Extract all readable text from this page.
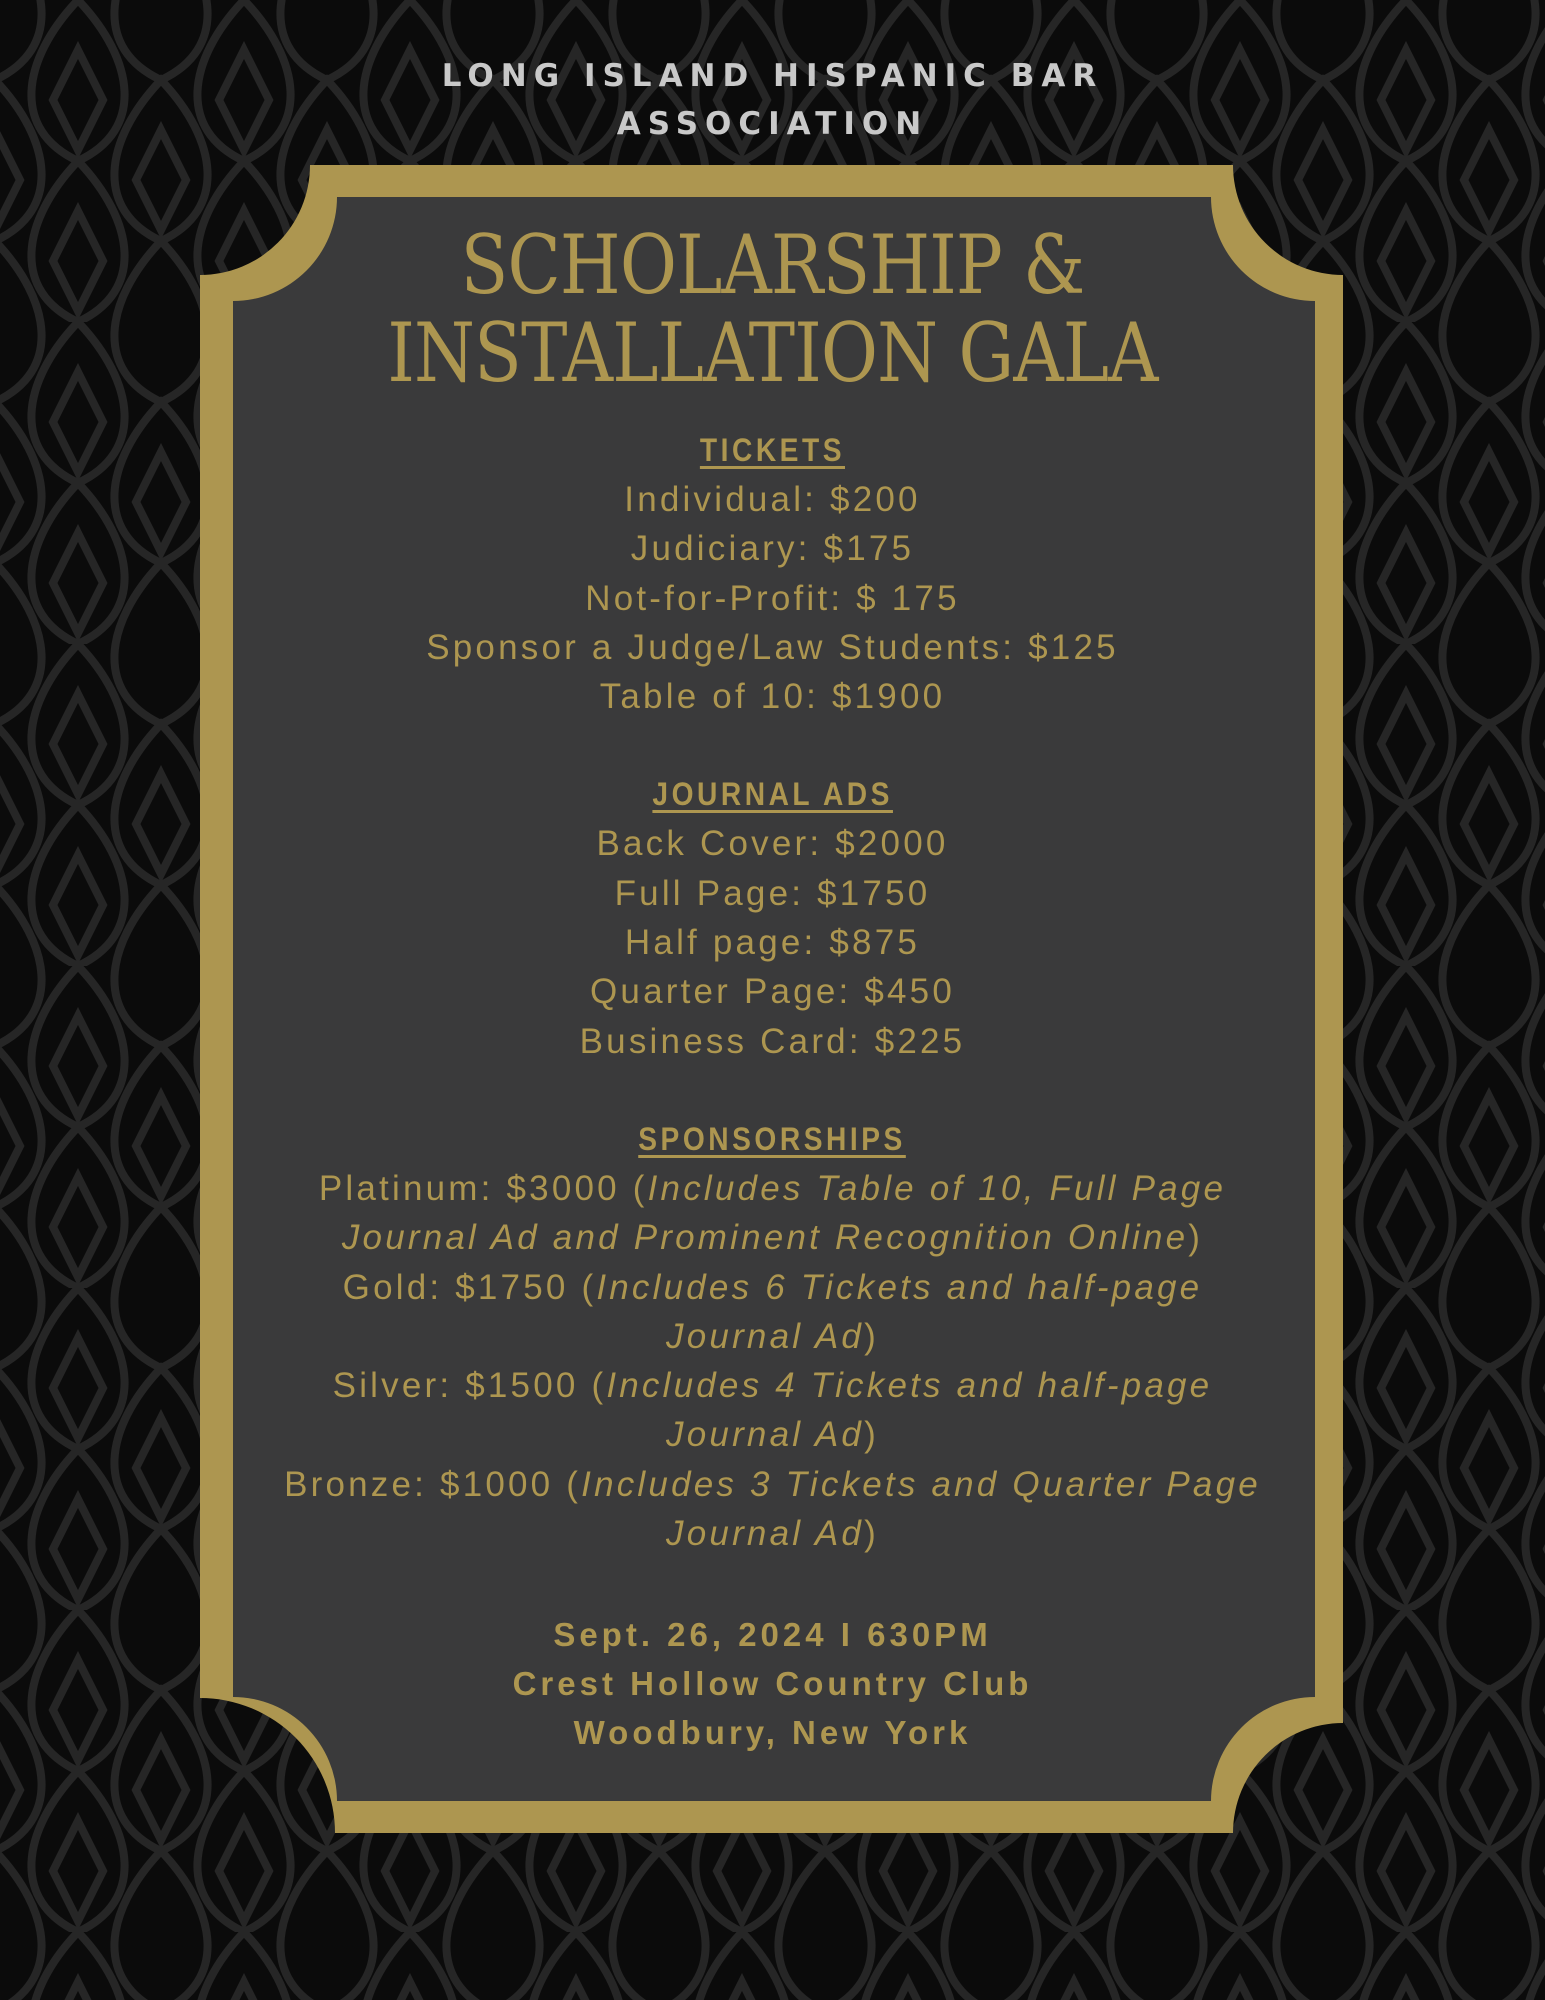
LONG ISLAND HISPANIC BAR
ASSOCIATION
SCHOLARSHIP &
INSTALLATION GALA
TICKETS
Individual: $200
Judiciary: $175
Not-for-Profit: $ 175
Sponsor a Judge/Law Students: $125
Table of 10: $1900
JOURNAL ADS
Back Cover: $2000
Full Page: $1750
Half page: $875
Quarter Page: $450
Business Card: $225
SPONSORSHIPS
Platinum: $3000 (Includes Table of 10, Full Page
Journal Ad and Prominent Recognition Online)
Gold: $1750 (Includes 6 Tickets and half-page
Journal Ad)
Silver: $1500 (Includes 4 Tickets and half-page
Journal Ad)
Bronze: $1000 (Includes 3 Tickets and Quarter Page
Journal Ad)
Sept. 26, 2024 I 630PM
Crest Hollow Country Club
Woodbury, New York
